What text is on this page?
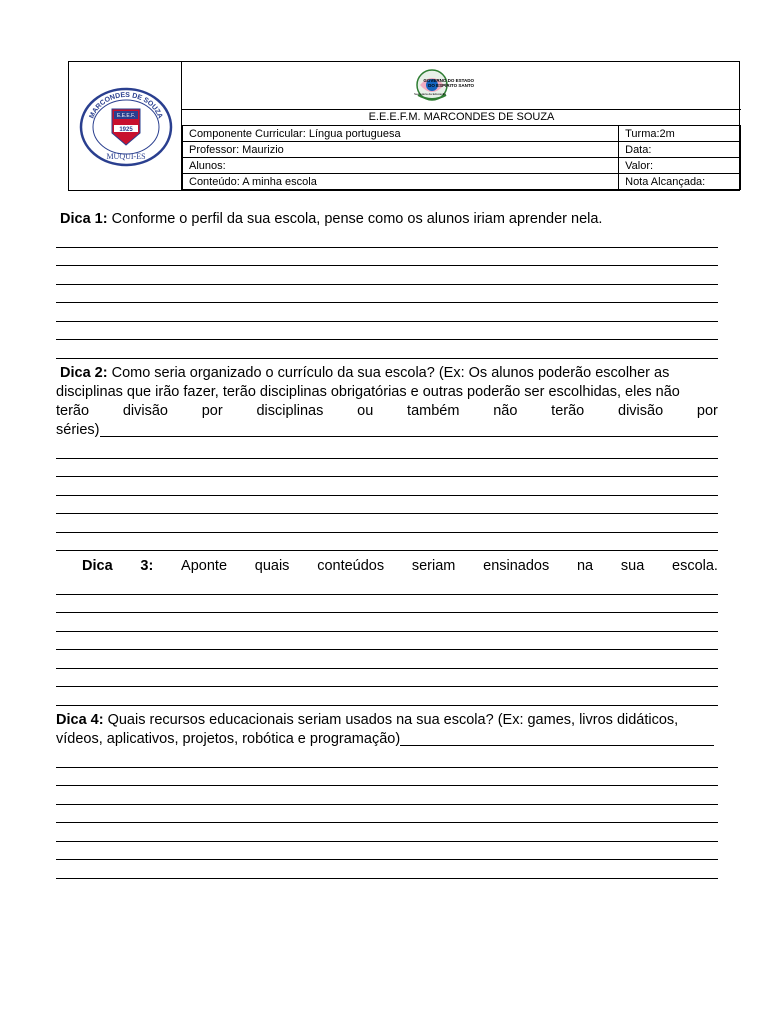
MARCONDES DE SOUZA
E.E.E.F.
1925
MUQUI-ES
GOVERNO DO ESTADO
DO ESPÍRITO SANTO
Secretaria da Educação
E.E.E.F.M. MARCONDES DE SOUZA
Componente Curricular: Língua portuguesa	Turma:2m
Professor: Maurizio	Data:
Alunos:	Valor:
Conteúdo: A minha escola	Nota Alcançada:

Dica 1: Conforme o perfil da sua escola, pense como os alunos iriam aprender nela.

Dica 2: Como seria organizado o currículo da sua escola? (Ex: Os alunos poderão escolher as

disciplinas que irão fazer, terão disciplinas obrigatórias e outras poderão ser escolhidas, eles não

terão divisão por disciplinas ou também não terão divisão por
séries)
Dica 3: Aponte quais conteúdos seriam ensinados na sua escola.

Dica 4: Quais recursos educacionais seriam usados na sua escola? (Ex: games, livros didáticos,

vídeos, aplicativos, projetos, robótica e programação)
